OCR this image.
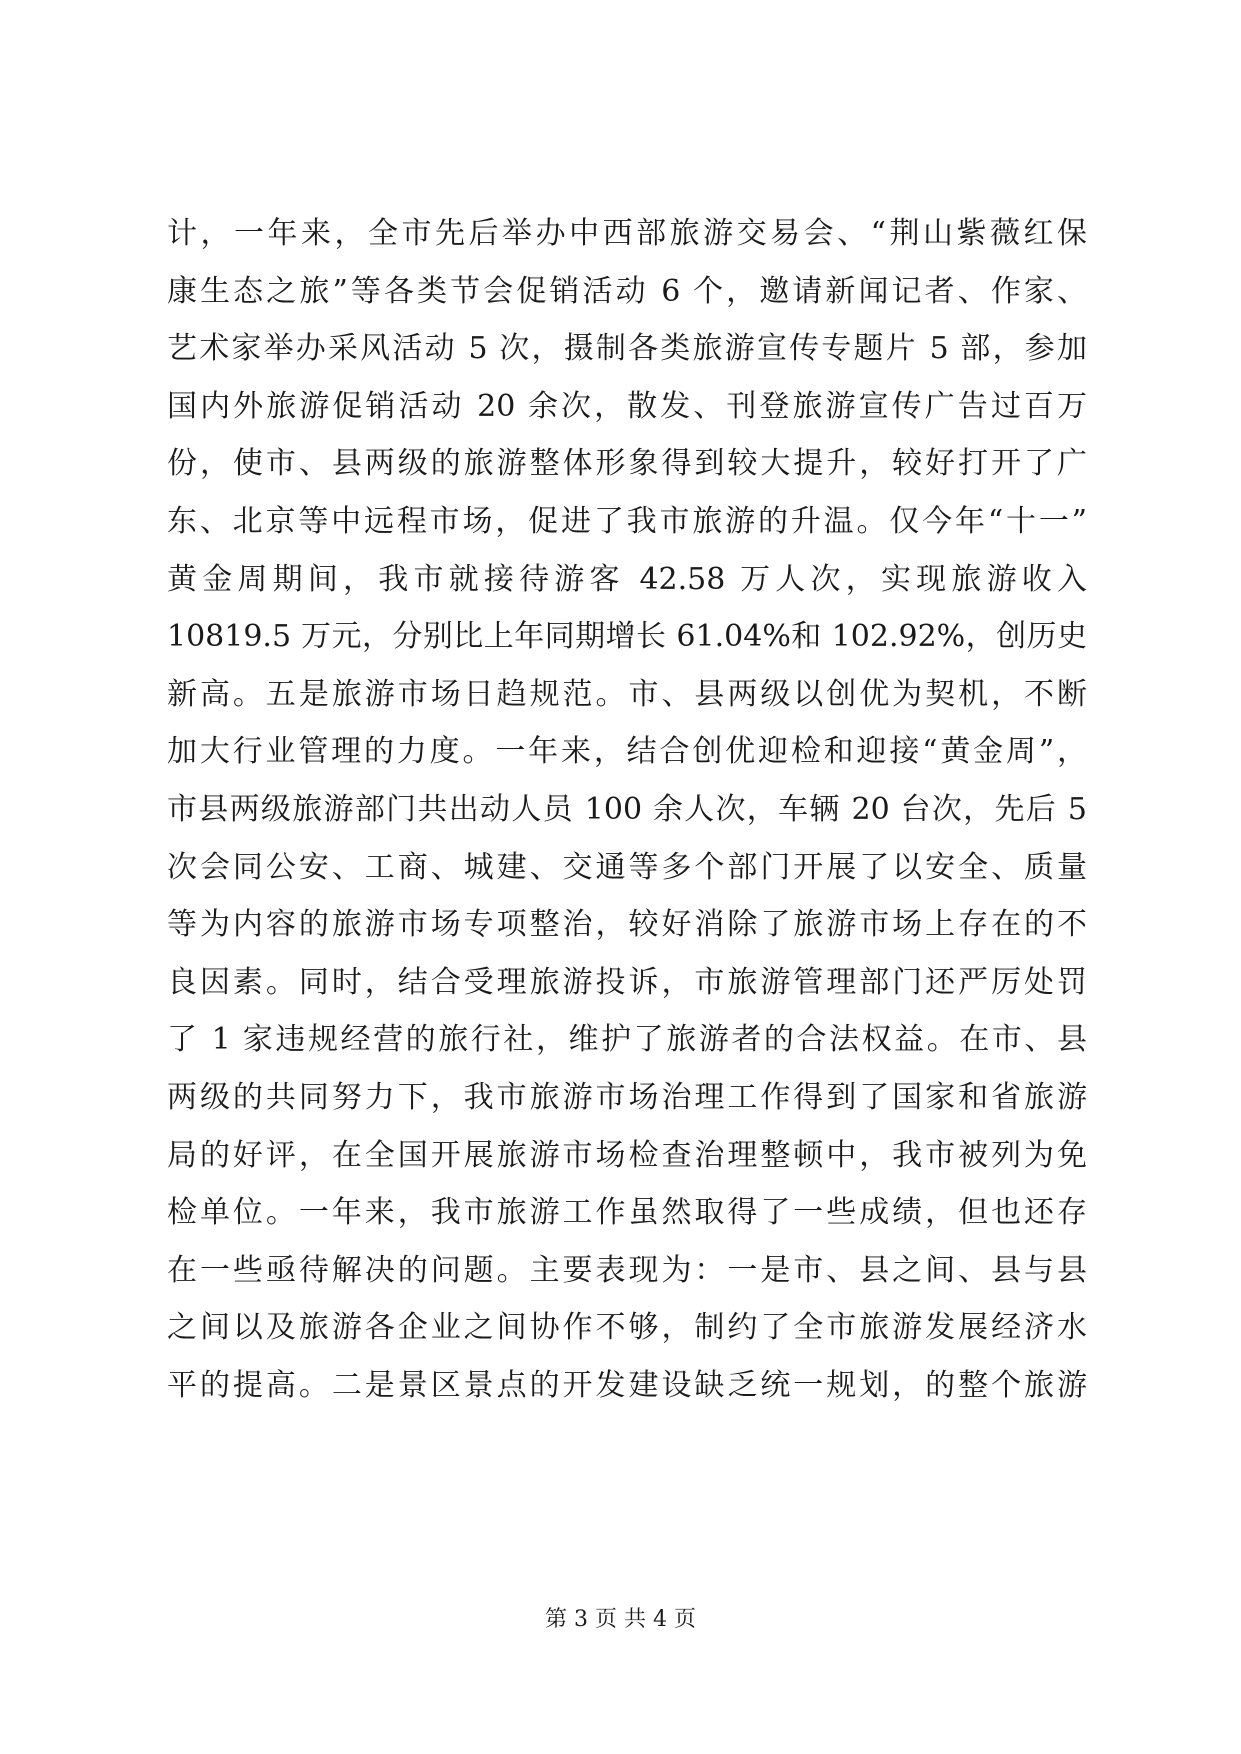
计，一年来，全市先后举办中西部旅游交易会、“荆山紫薇红保
康生态之旅”等各类节会促销活动 6 个，邀请新闻记者、作家、
艺术家举办采风活动 5 次，摄制各类旅游宣传专题片 5 部，参加
国内外旅游促销活动 20 余次，散发、刊登旅游宣传广告过百万
份，使市、县两级的旅游整体形象得到较大提升，较好打开了广
东、北京等中远程市场，促进了我市旅游的升温。仅今年“十一”
黄金周期间，我市就接待游客 42.58 万人次，实现旅游收入
10819.5 万元，分别比上年同期增长 61.04%和 102.92%，创历史
新高。五是旅游市场日趋规范。市、县两级以创优为契机，不断
加大行业管理的力度。一年来，结合创优迎检和迎接“黄金周”，
市县两级旅游部门共出动人员 100 余人次，车辆 20 台次，先后 5
次会同公安、工商、城建、交通等多个部门开展了以安全、质量
等为内容的旅游市场专项整治，较好消除了旅游市场上存在的不
良因素。同时，结合受理旅游投诉，市旅游管理部门还严厉处罚
了 1 家违规经营的旅行社，维护了旅游者的合法权益。在市、县
两级的共同努力下，我市旅游市场治理工作得到了国家和省旅游
局的好评，在全国开展旅游市场检查治理整顿中，我市被列为免
检单位。一年来，我市旅游工作虽然取得了一些成绩，但也还存
在一些亟待解决的问题。主要表现为：一是市、县之间、县与县
之间以及旅游各企业之间协作不够，制约了全市旅游发展经济水
平的提高。二是景区景点的开发建设缺乏统一规划，的整个旅游
第 3 页 共 4 页
